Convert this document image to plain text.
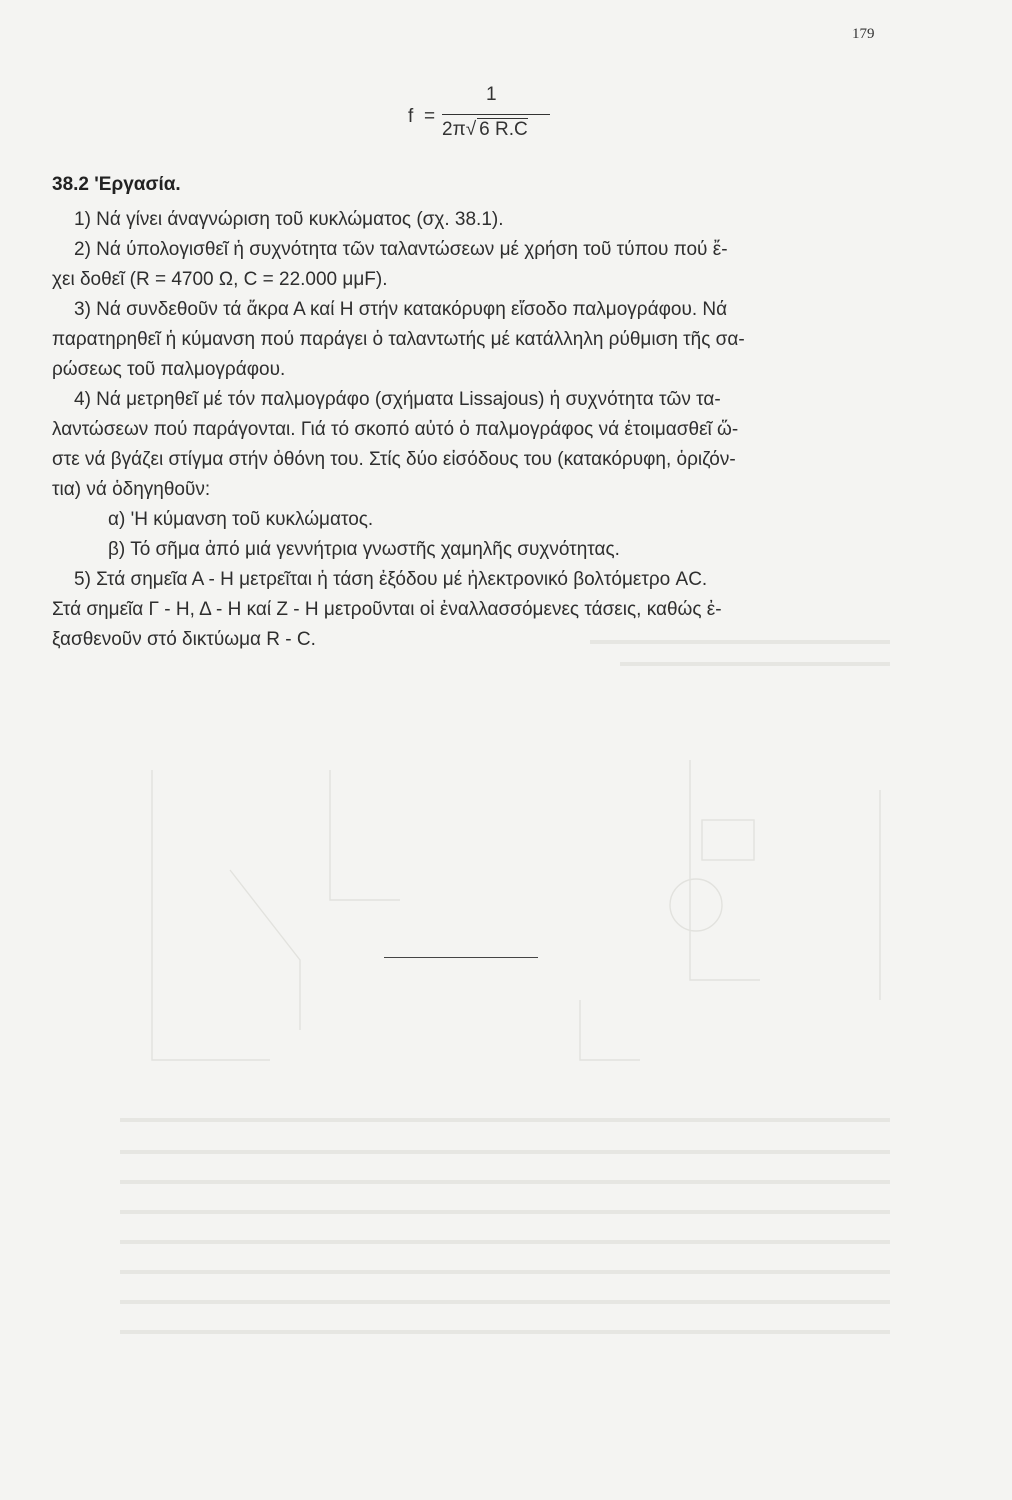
179
f =
1
2π√ 6 R.C
38.2 'Εργασία.
1) Νά γίνει άναγνώριση τοῦ κυκλώματος (σχ. 38.1).
2) Νά ύπολογισθεῖ ἡ συχνότητα τῶν ταλαντώσεων μέ χρήση τοῦ τύπου πού ἔ-
χει δοθεῖ (R = 4700 Ω, C = 22.000 μμF).
3) Νά συνδεθοῦν τά ἄκρα Α καί Η στήν κατακόρυφη εἴσοδο παλμογράφου. Νά
παρατηρηθεῖ ἡ κύμανση πού παράγει ὁ ταλαντωτής μέ κατάλληλη ρύθμιση τῆς σα-
ρώσεως τοῦ παλμογράφου.
4) Νά μετρηθεῖ μέ τόν παλμογράφο (σχήματα Lissajous) ἡ συχνότητα τῶν τα-
λαντώσεων πού παράγονται. Γιά τό σκοπό αὐτό ὁ παλμογράφος νά ἑτοιμασθεῖ ὥ-
στε νά βγάζει στίγμα στήν ὀθόνη του. Στίς δύο εἰσόδους του (κατακόρυφη, ὁριζόν-
τια) νά ὁδηγηθοῦν:
α) 'Η κύμανση τοῦ κυκλώματος.
β) Τό σῆμα ἀπό μιά γεννήτρια γνωστῆς χαμηλῆς συχνότητας.
5) Στά σημεῖα Α - Η μετρεῖται ἡ τάση ἐξόδου μέ ἠλεκτρονικό βολτόμετρο AC.
Στά σημεῖα Γ - Η, Δ - Η καί Ζ - Η μετροῦνται οἱ ἐναλλασσόμενες τάσεις, καθώς ἐ-
ξασθενοῦν στό δικτύωμα R - C.
